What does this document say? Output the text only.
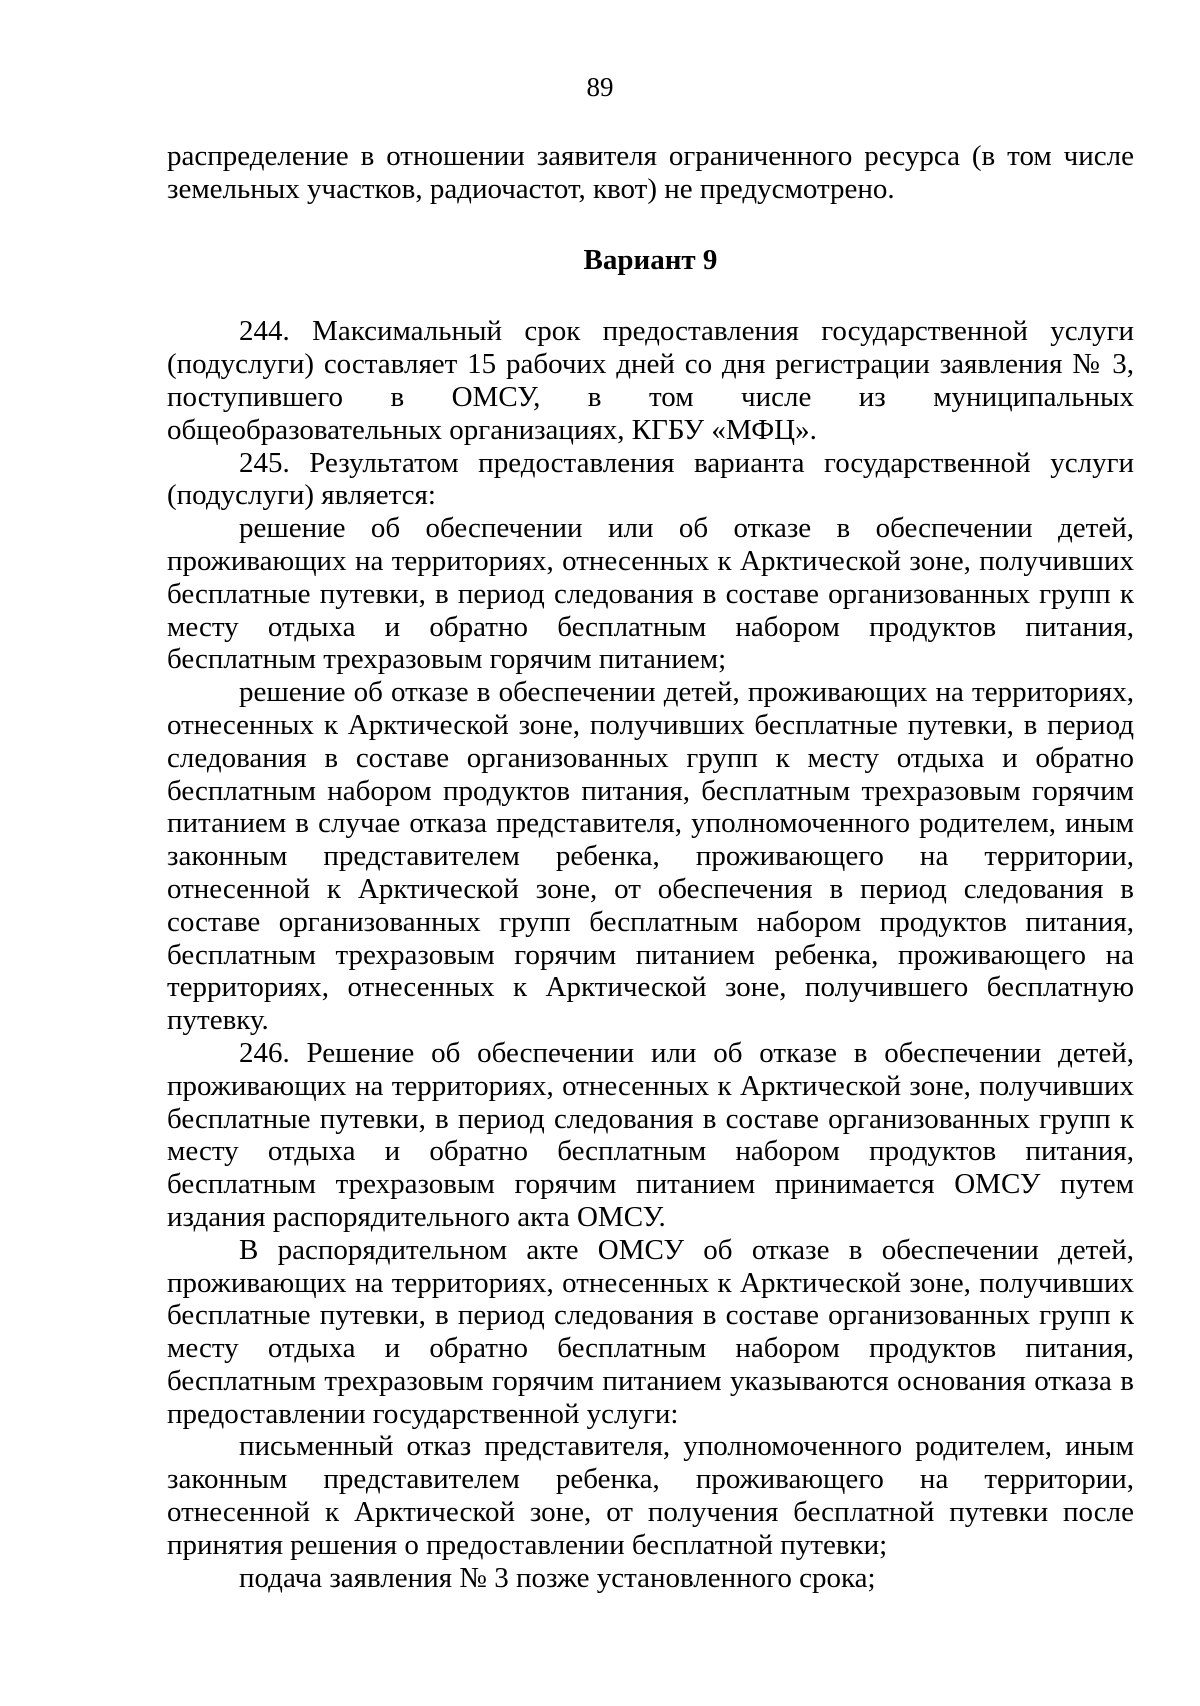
89

распределение в отношении заявителя ограниченного ресурса (в том числе земельных участков, радиочастот, квот) не предусмотрено.

Вариант 9

244. Максимальный срок предоставления государственной услуги (подуслуги) составляет 15 рабочих дней со дня регистрации заявления № 3, поступившего в ОМСУ, в том числе из муниципальных общеобразовательных организациях, КГБУ «МФЦ».

245. Результатом предоставления варианта государственной услуги (подуслуги) является:

решение об обеспечении или об отказе в обеспечении детей, проживающих на территориях, отнесенных к Арктической зоне, получивших бесплатные путевки, в период следования в составе организованных групп к месту отдыха и обратно бесплатным набором продуктов питания, бесплатным трехразовым горячим питанием;

решение об отказе в обеспечении детей, проживающих на территориях, отнесенных к Арктической зоне, получивших бесплатные путевки, в период следования в составе организованных групп к месту отдыха и обратно бесплатным набором продуктов питания, бесплатным трехразовым горячим питанием в случае отказа представителя, уполномоченного родителем, иным законным представителем ребенка, проживающего на территории, отнесенной к Арктической зоне, от обеспечения в период следования в составе организованных групп бесплатным набором продуктов питания, бесплатным трехразовым горячим питанием ребенка, проживающего на территориях, отнесенных к Арктической зоне, получившего бесплатную путевку.

246. Решение об обеспечении или об отказе в обеспечении детей, проживающих на территориях, отнесенных к Арктической зоне, получивших бесплатные путевки, в период следования в составе организованных групп к месту отдыха и обратно бесплатным набором продуктов питания, бесплатным трехразовым горячим питанием принимается ОМСУ путем издания распорядительного акта ОМСУ.

В распорядительном акте ОМСУ об отказе в обеспечении детей, проживающих на территориях, отнесенных к Арктической зоне, получивших бесплатные путевки, в период следования в составе организованных групп к месту отдыха и обратно бесплатным набором продуктов питания, бесплатным трехразовым горячим питанием указываются основания отказа в предоставлении государственной услуги:

письменный отказ представителя, уполномоченного родителем, иным законным представителем ребенка, проживающего на территории, отнесенной к Арктической зоне, от получения бесплатной путевки после принятия решения о предоставлении бесплатной путевки;

подача заявления № 3 позже установленного срока;
